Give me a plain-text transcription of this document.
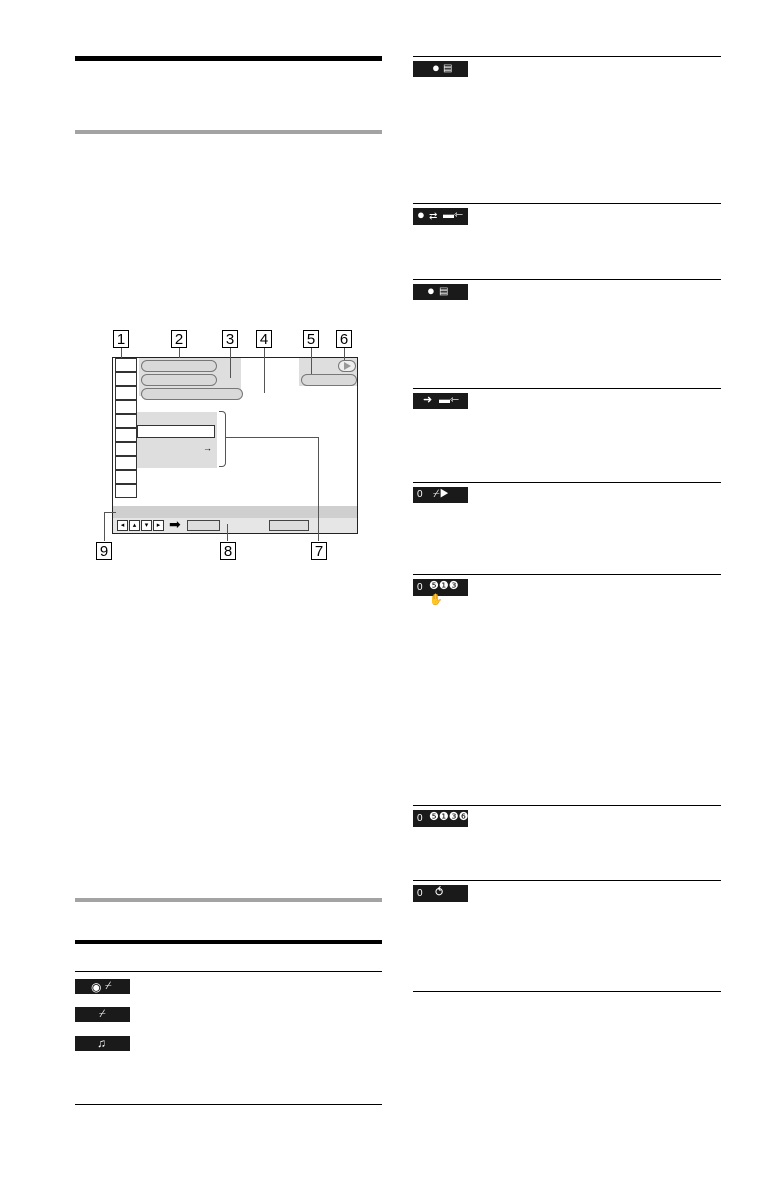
1	2	3 4	5 6
→
◂	▴	▾	▸ ➡
9	8	7
◉ ⌿
⌿
♫
● ▤
● ⇄ ▬⇽
● ▤
➜ ▬⇽
0 ⌿▶
0 ❺❶❸✋
0 ❺❶❸❻
0 ⥀
